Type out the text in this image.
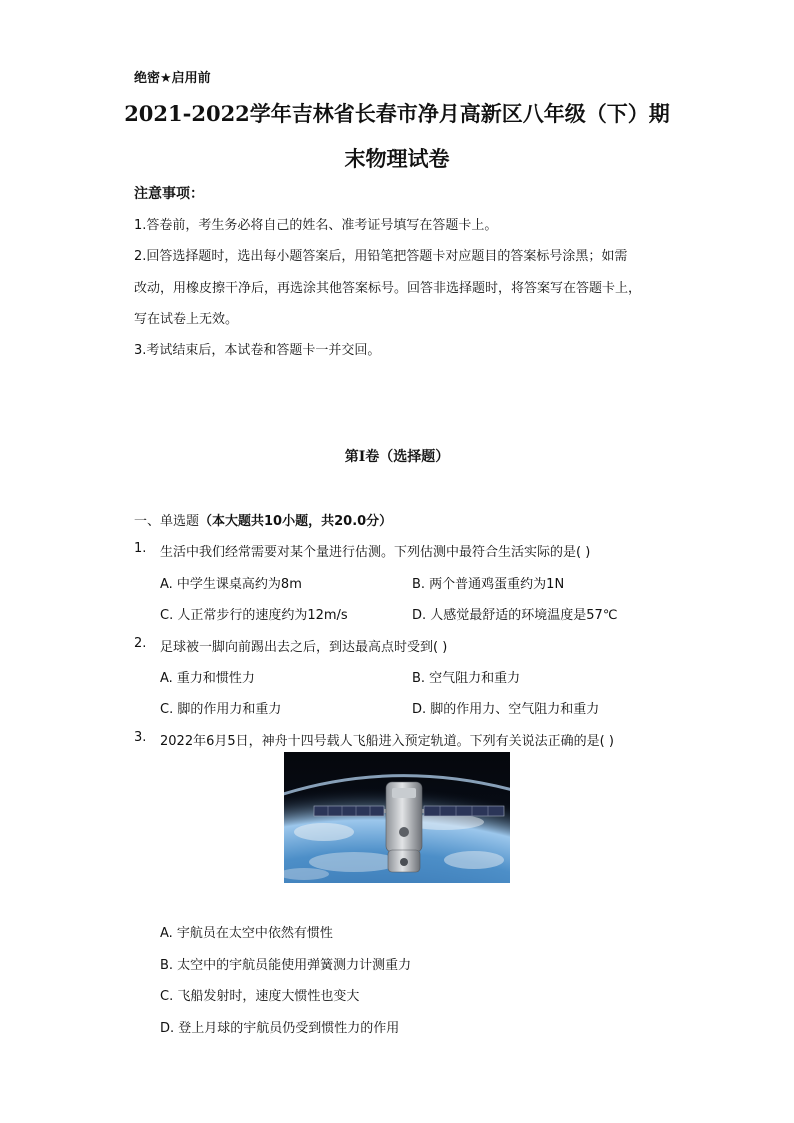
绝密★启用前
2021-2022学年吉林省长春市净月高新区八年级（下）期
末物理试卷
注意事项：
1.答卷前，考生务必将自己的姓名、准考证号填写在答题卡上。
2.回答选择题时，选出每小题答案后，用铅笔把答题卡对应题目的答案标号涂黑；如需
改动，用橡皮擦干净后，再选涂其他答案标号。回答非选择题时，将答案写在答题卡上，
写在试卷上无效。
3.考试结束后，本试卷和答题卡一并交回。
第I卷（选择题）
一、单选题（本大题共10小题，共20.0分）
1. 生活中我们经常需要对某个量进行估测。下列估测中最符合生活实际的是( )
A. 中学生课桌高约为8m	B. 两个普通鸡蛋重约为1N
C. 人正常步行的速度约为12m/s	D. 人感觉最舒适的环境温度是57℃
2. 足球被一脚向前踢出去之后，到达最高点时受到( )
A. 重力和惯性力	B. 空气阻力和重力
C. 脚的作用力和重力	D. 脚的作用力、空气阻力和重力
3. 2022年6月5日，神舟十四号载人飞船进入预定轨道。下列有关说法正确的是( )
A. 宇航员在太空中依然有惯性
B. 太空中的宇航员能使用弹簧测力计测重力
C. 飞船发射时，速度大惯性也变大
D. 登上月球的宇航员仍受到惯性力的作用
